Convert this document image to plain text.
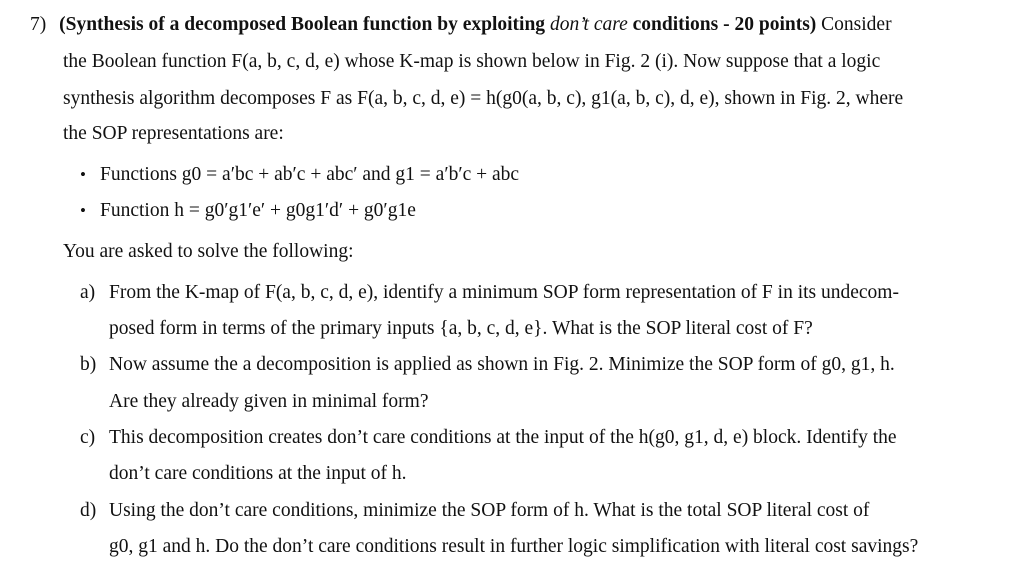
7) (Synthesis of a decomposed Boolean function by exploiting don’t care conditions - 20 points) Consider
the Boolean function F(a, b, c, d, e) whose K-map is shown below in Fig. 2 (i). Now suppose that a logic
synthesis algorithm decomposes F as F(a, b, c, d, e) = h(g0(a, b, c), g1(a, b, c), d, e), shown in Fig. 2, where
the SOP representations are:
• Functions g0 = a′bc + ab′c + abc′ and g1 = a′b′c + abc
• Function h = g0′g1′e′ + g0g1′d′ + g0′g1e
You are asked to solve the following:
a) From the K-map of F(a, b, c, d, e), identify a minimum SOP form representation of F in its undecom-
posed form in terms of the primary inputs {a, b, c, d, e}. What is the SOP literal cost of F?
b) Now assume the a decomposition is applied as shown in Fig. 2. Minimize the SOP form of g0, g1, h.
Are they already given in minimal form?
c) This decomposition creates don’t care conditions at the input of the h(g0, g1, d, e) block. Identify the
don’t care conditions at the input of h.
d) Using the don’t care conditions, minimize the SOP form of h. What is the total SOP literal cost of
g0, g1 and h. Do the don’t care conditions result in further logic simplification with literal cost savings?
